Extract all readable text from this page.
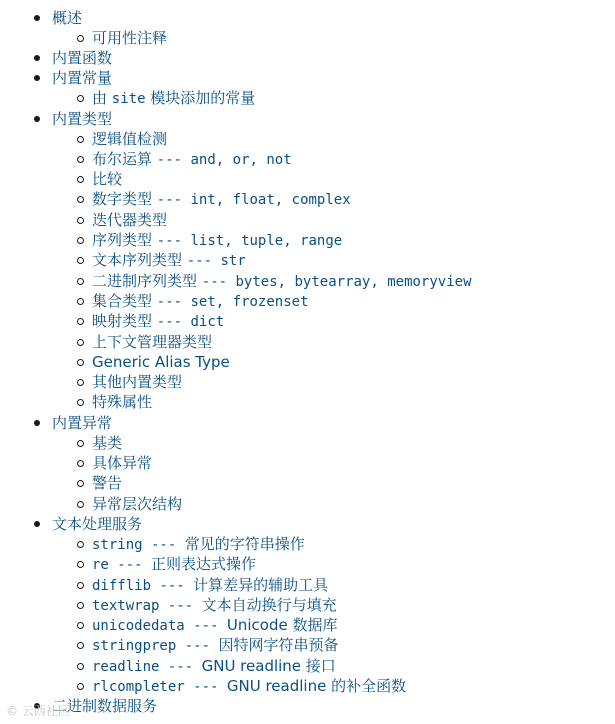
概述
可用性注释
内置函数
内置常量
由 site 模块添加的常量
内置类型
逻辑值检测
布尔运算 --- and, or, not
比较
数字类型 --- int, float, complex
迭代器类型
序列类型 --- list, tuple, range
文本序列类型 --- str
二进制序列类型 --- bytes, bytearray, memoryview
集合类型 --- set, frozenset
映射类型 --- dict
上下文管理器类型
Generic Alias Type
其他内置类型
特殊属性
内置异常
基类
具体异常
警告
异常层次结构
文本处理服务
string --- 常见的字符串操作
re --- 正则表达式操作
difflib --- 计算差异的辅助工具
textwrap --- 文本自动换行与填充
unicodedata --- Unicode 数据库
stringprep --- 因特网字符串预备
readline --- GNU readline 接口
rlcompleter --- GNU readline 的补全函数
二进制数据服务
© 云西社区
